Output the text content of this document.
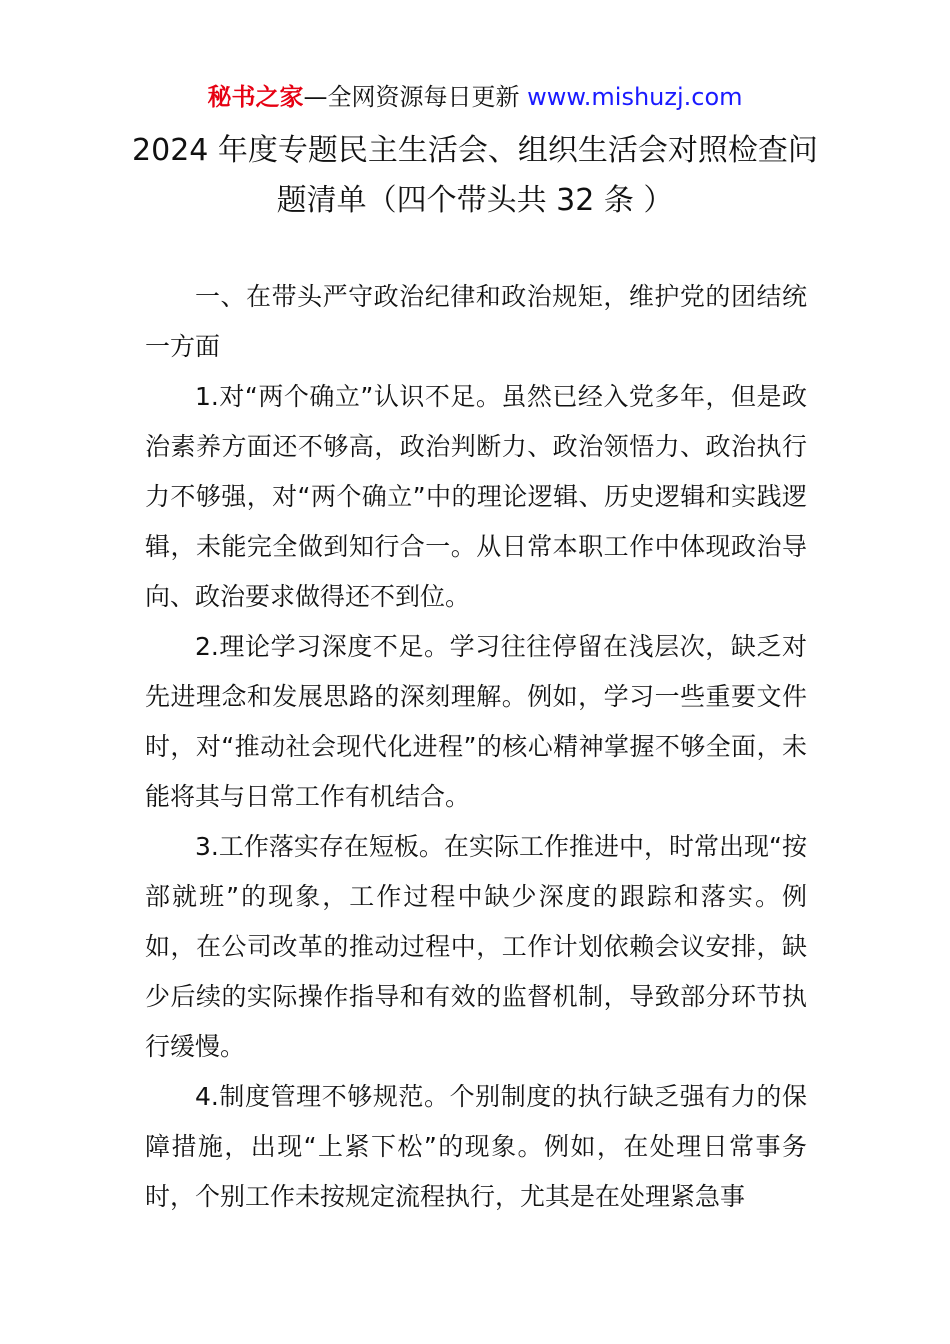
秘书之家—全网资源每日更新 www.mishuzj.com
2024 年度专题民主生活会、组织生活会对照检查问题清单（四个带头共 32 条 ）

一、在带头严守政治纪律和政治规矩，维护党的团结统一方面

1.对“两个确立”认识不足。虽然已经入党多年，但是政治素养方面还不够高，政治判断力、政治领悟力、政治执行力不够强，对“两个确立”中的理论逻辑、历史逻辑和实践逻辑，未能完全做到知行合一。从日常本职工作中体现政治导向、政治要求做得还不到位。

2.理论学习深度不足。学习往往停留在浅层次，缺乏对先进理念和发展思路的深刻理解。例如，学习一些重要文件时，对“推动社会现代化进程”的核心精神掌握不够全面，未能将其与日常工作有机结合。

3.工作落实存在短板。在实际工作推进中，时常出现“按部就班”的现象，工作过程中缺少深度的跟踪和落实。例如，在公司改革的推动过程中，工作计划依赖会议安排，缺少后续的实际操作指导和有效的监督机制，导致部分环节执行缓慢。

4.制度管理不够规范。个别制度的执行缺乏强有力的保障措施，出现“上紧下松”的现象。例如，在处理日常事务时，个别工作未按规定流程执行，尤其是在处理紧急事
